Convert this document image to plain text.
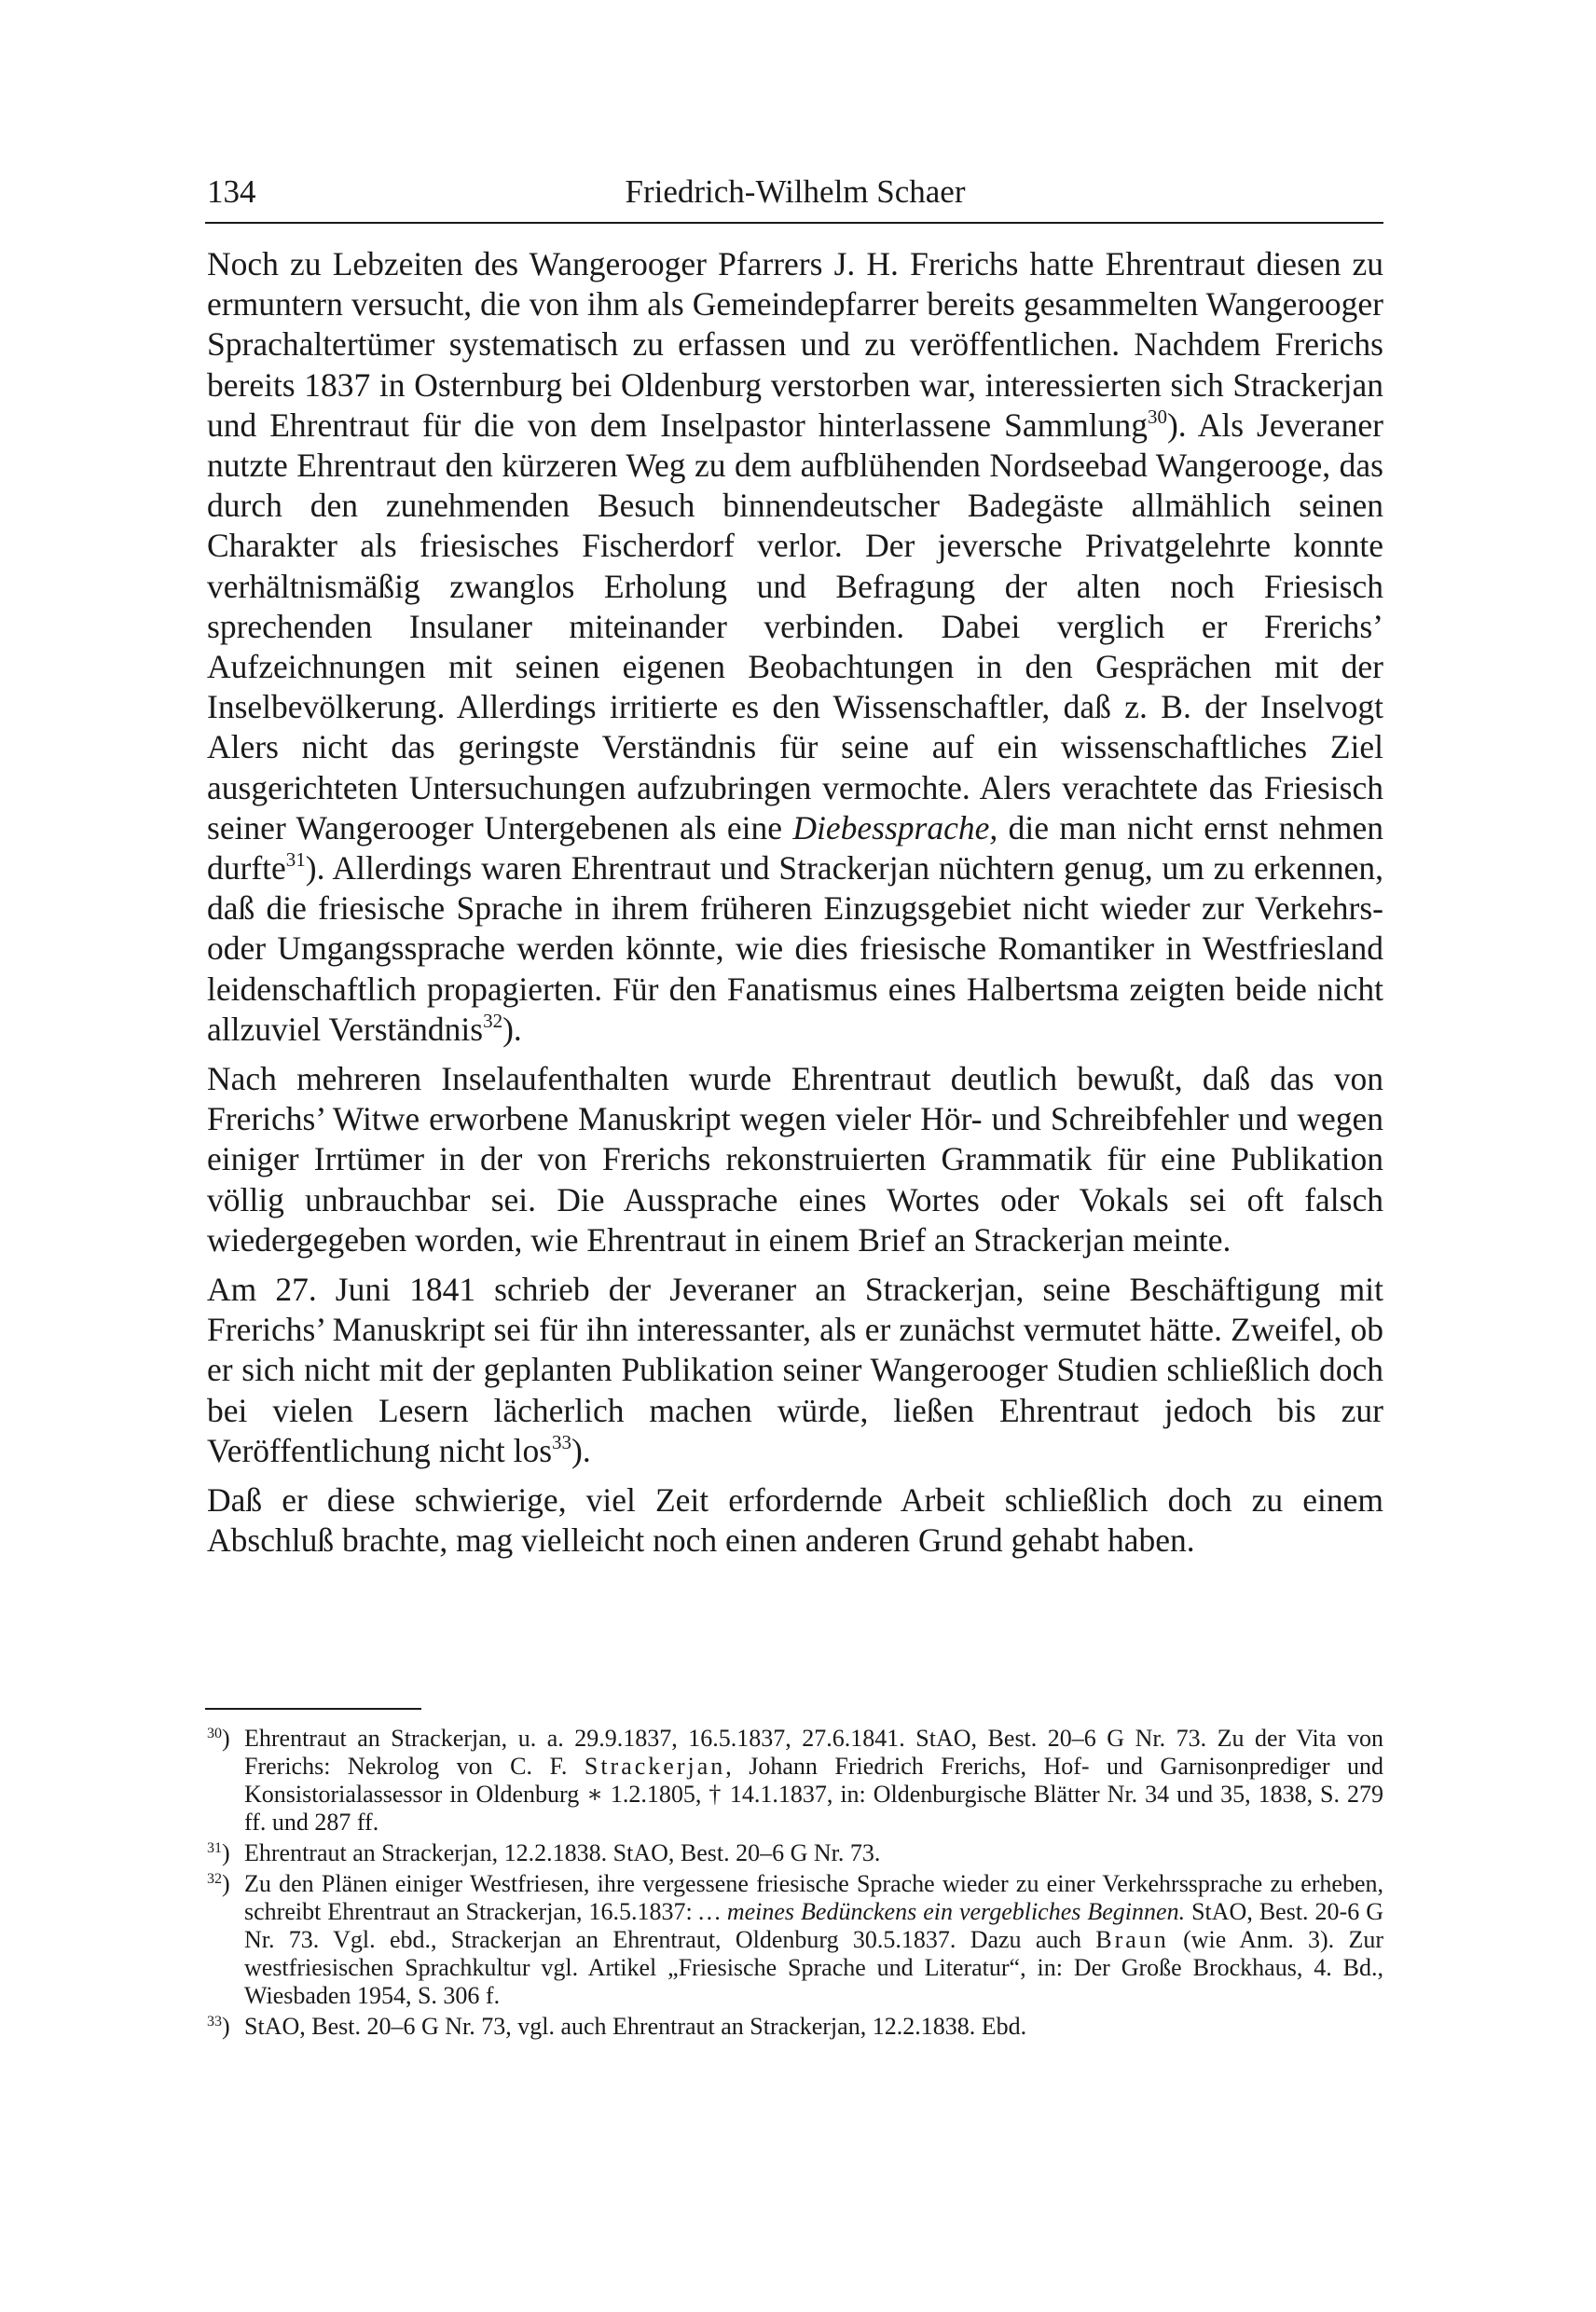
134	Friedrich-Wilhelm Schaer

Noch zu Lebzeiten des Wangerooger Pfarrers J. H. Frerichs hatte Ehrentraut diesen zu ermuntern versucht, die von ihm als Gemeindepfarrer bereits gesammelten Wangerooger Sprachaltertümer systematisch zu erfassen und zu veröffentlichen. Nachdem Frerichs bereits 1837 in Osternburg bei Oldenburg verstorben war, interessierten sich Strackerjan und Ehrentraut für die von dem Inselpastor hinterlassene Sammlung$^{30}$). Als Jeveraner nutzte Ehrentraut den kürzeren Weg zu dem aufblühenden Nordseebad Wangerooge, das durch den zunehmenden Besuch binnendeutscher Badegäste allmählich seinen Charakter als friesisches Fischerdorf verlor. Der jeversche Privatgelehrte konnte verhältnismäßig zwanglos Erholung und Befragung der alten noch Friesisch sprechenden Insulaner miteinander verbinden. Dabei verglich er Frerichs’ Aufzeichnungen mit seinen eigenen Beobachtungen in den Gesprächen mit der Inselbevölkerung. Allerdings irritierte es den Wissenschaftler, daß z. B. der Inselvogt Alers nicht das geringste Verständnis für seine auf ein wissenschaftliches Ziel ausgerichteten Untersuchungen aufzubringen vermochte. Alers verachtete das Friesisch seiner Wangerooger Untergebenen als eine Diebessprache, die man nicht ernst nehmen durfte$^{31}$). Allerdings waren Ehrentraut und Strackerjan nüchtern genug, um zu erkennen, daß die friesische Sprache in ihrem früheren Einzugsgebiet nicht wieder zur Verkehrs- oder Umgangssprache werden könnte, wie dies friesische Romantiker in Westfriesland leidenschaftlich propagierten. Für den Fanatismus eines Halbertsma zeigten beide nicht allzuviel Verständnis$^{32}$).

Nach mehreren Inselaufenthalten wurde Ehrentraut deutlich bewußt, daß das von Frerichs’ Witwe erworbene Manuskript wegen vieler Hör- und Schreibfehler und wegen einiger Irrtümer in der von Frerichs rekonstruierten Grammatik für eine Publikation völlig unbrauchbar sei. Die Aussprache eines Wortes oder Vokals sei oft falsch wiedergegeben worden, wie Ehrentraut in einem Brief an Strackerjan meinte.

Am 27. Juni 1841 schrieb der Jeveraner an Strackerjan, seine Beschäftigung mit Frerichs’ Manuskript sei für ihn interessanter, als er zunächst vermutet hätte. Zweifel, ob er sich nicht mit der geplanten Publikation seiner Wangerooger Studien schließlich doch bei vielen Lesern lächerlich machen würde, ließen Ehrentraut jedoch bis zur Veröffentlichung nicht los$^{33}$).

Daß er diese schwierige, viel Zeit erfordernde Arbeit schließlich doch zu einem Abschluß brachte, mag vielleicht noch einen anderen Grund gehabt haben.

$^{30}$) Ehrentraut an Strackerjan, u. a. 29.9.1837, 16.5.1837, 27.6.1841. StAO, Best. 20–6 G Nr. 73. Zu der Vita von Frerichs: Nekrolog von C. F. Strackerjan, Johann Friedrich Frerichs, Hof- und Garnisonprediger und Konsistorialassessor in Oldenburg ∗ 1.2.1805, † 14.1.1837, in: Oldenburgische Blätter Nr. 34 und 35, 1838, S. 279 ff. und 287 ff.
$^{31}$) Ehrentraut an Strackerjan, 12.2.1838. StAO, Best. 20–6 G Nr. 73.
$^{32}$) Zu den Plänen einiger Westfriesen, ihre vergessene friesische Sprache wieder zu einer Verkehrssprache zu erheben, schreibt Ehrentraut an Strackerjan, 16.5.1837: … meines Bedünckens ein vergebliches Beginnen. StAO, Best. 20-6 G Nr. 73. Vgl. ebd., Strackerjan an Ehrentraut, Oldenburg 30.5.1837. Dazu auch Braun (wie Anm. 3). Zur westfriesischen Sprachkultur vgl. Artikel „Friesische Sprache und Literatur“, in: Der Große Brockhaus, 4. Bd., Wiesbaden 1954, S. 306 f.
$^{33}$) StAO, Best. 20–6 G Nr. 73, vgl. auch Ehrentraut an Strackerjan, 12.2.1838. Ebd.
